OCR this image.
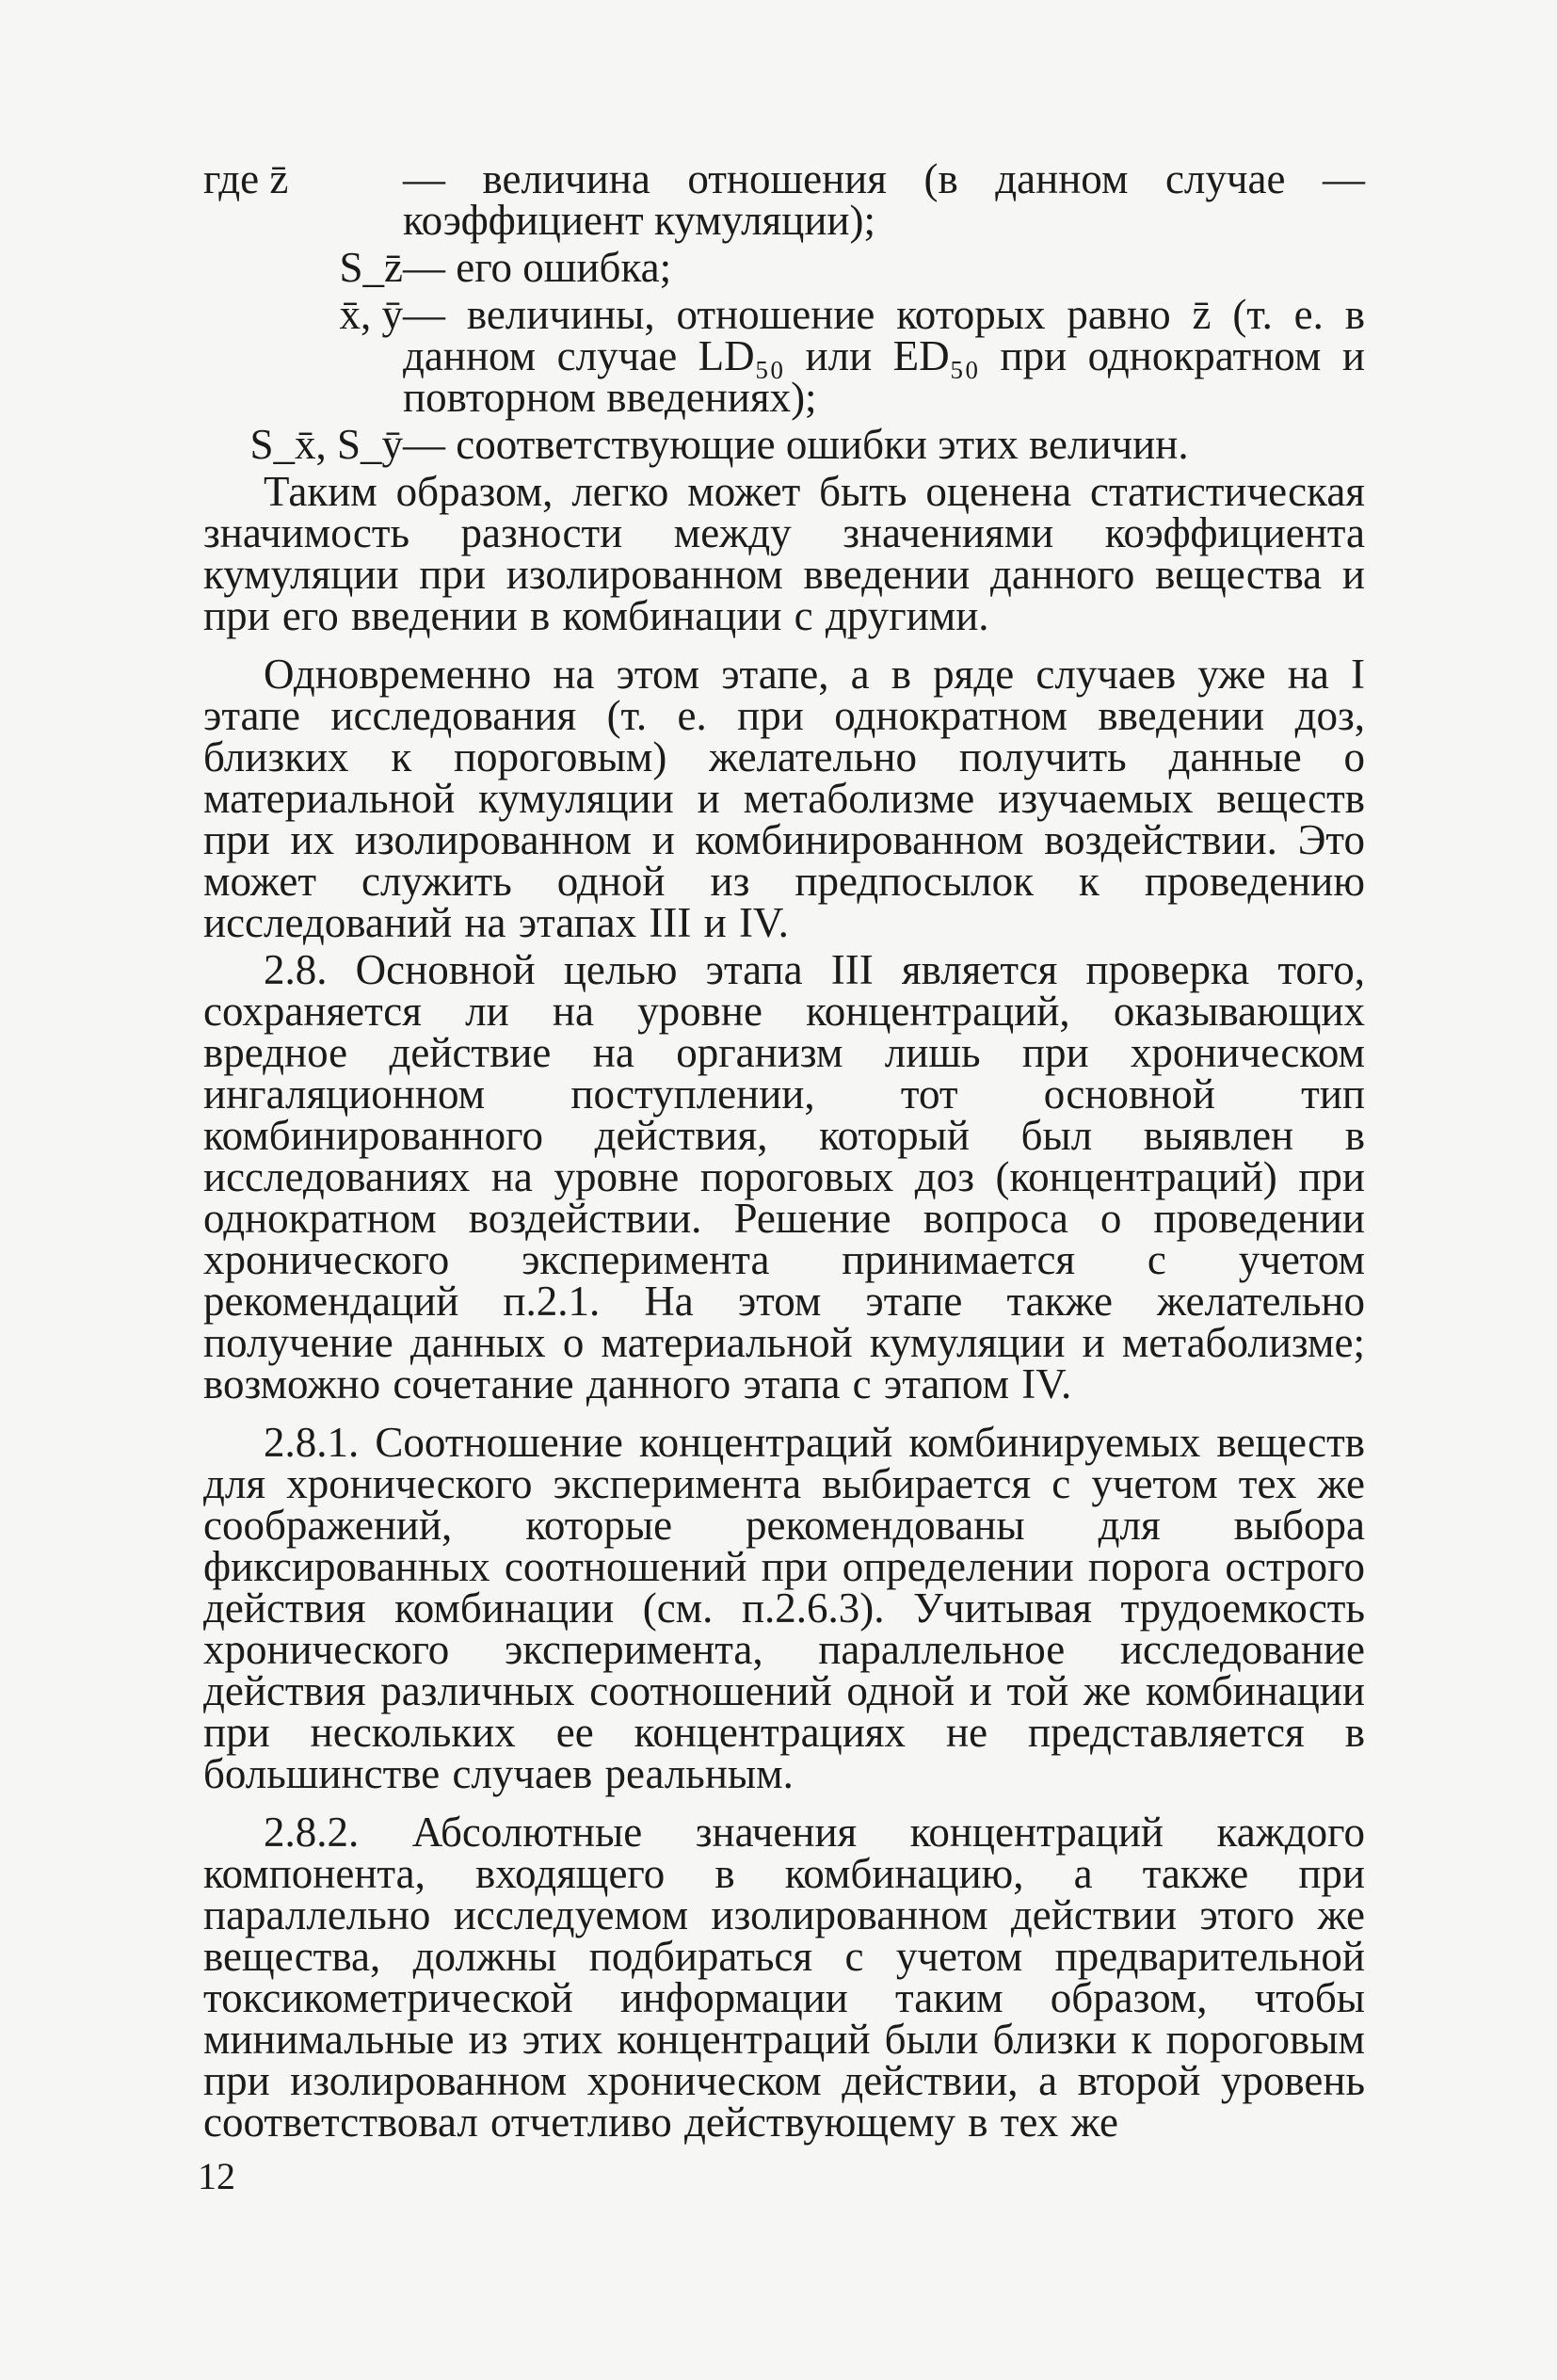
где z̄	— величина отношения (в данном случае — коэффициент кумуляции);
S_z̄ — его ошибка;
x̄, ȳ — величины, отношение которых равно z̄ (т. е. в данном случае LD₅₀ или ED₅₀ при однократном и повторном введениях);
S_x̄, S_ȳ — соответствующие ошибки этих величин.

Таким образом, легко может быть оценена статистическая значимость разности между значениями коэффициента кумуляции при изолированном введении данного вещества и при его введении в комбинации с другими.

Одновременно на этом этапе, а в ряде случаев уже на I этапе исследования (т. е. при однократном введении доз, близких к пороговым) желательно получить данные о материальной кумуляции и метаболизме изучаемых веществ при их изолированном и комбинированном воздействии. Это может служить одной из предпосылок к проведению исследований на этапах III и IV.

2.8. Основной целью этапа III является проверка того, сохраняется ли на уровне концентраций, оказывающих вредное действие на организм лишь при хроническом ингаляционном поступлении, тот основной тип комбинированного действия, который был выявлен в исследованиях на уровне пороговых доз (концентраций) при однократном воздействии. Решение вопроса о проведении хронического эксперимента принимается с учетом рекомендаций п.2.1. На этом этапе также желательно получение данных о материальной кумуляции и метаболизме; возможно сочетание данного этапа с этапом IV.

2.8.1. Соотношение концентраций комбинируемых веществ для хронического эксперимента выбирается с учетом тех же соображений, которые рекомендованы для выбора фиксированных соотношений при определении порога острого действия комбинации (см. п.2.6.3). Учитывая трудоемкость хронического эксперимента, параллельное исследование действия различных соотношений одной и той же комбинации при нескольких ее концентрациях не представляется в большинстве случаев реальным.

2.8.2. Абсолютные значения концентраций каждого компонента, входящего в комбинацию, а также при параллельно исследуемом изолированном действии этого же вещества, должны подбираться с учетом предварительной токсикометрической информации таким образом, чтобы минимальные из этих концентраций были близки к пороговым при изолированном хроническом действии, а второй уровень соответствовал отчетливо действующему в тех же

12
